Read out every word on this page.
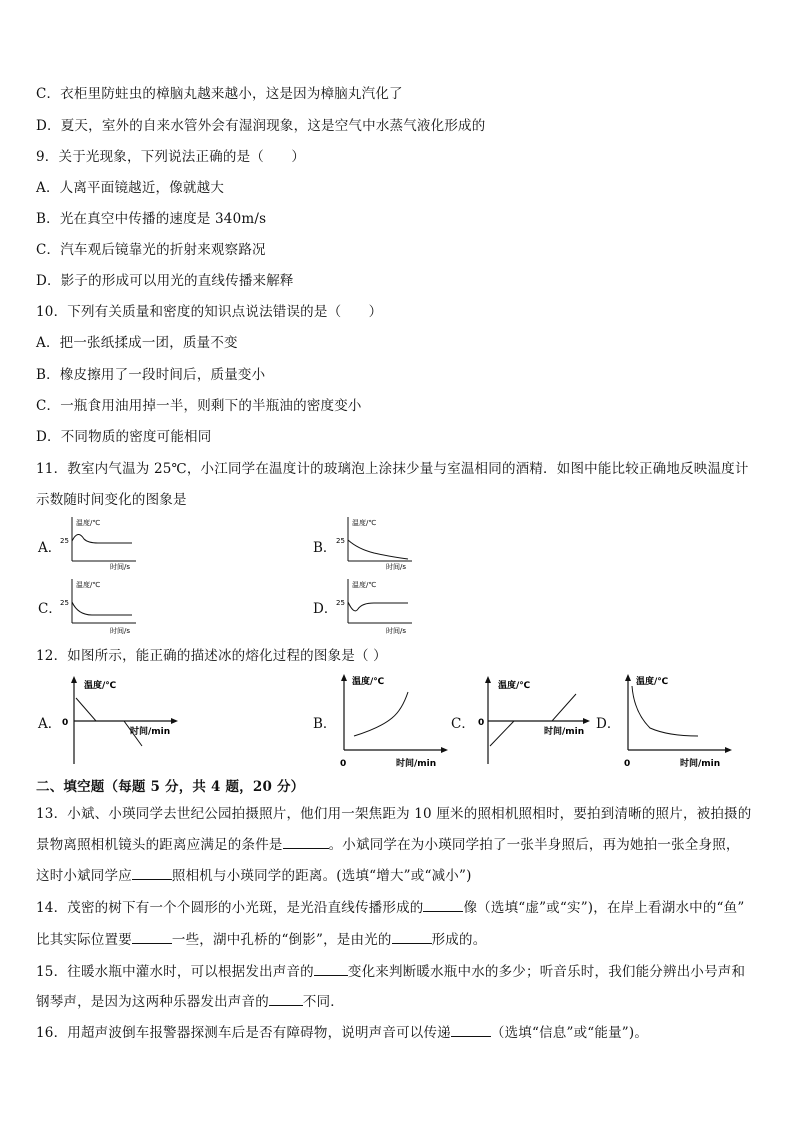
C．衣柜里防蛀虫的樟脑丸越来越小，这是因为樟脑丸汽化了
D．夏天，室外的自来水管外会有湿润现象，这是空气中水蒸气液化形成的
9．关于光现象，下列说法正确的是（　　）
A．人离平面镜越近，像就越大
B．光在真空中传播的速度是 340m/s
C．汽车观后镜靠光的折射来观察路况
D．影子的形成可以用光的直线传播来解释
10．下列有关质量和密度的知识点说法错误的是（　　）
A．把一张纸揉成一团，质量不变
B．橡皮擦用了一段时间后，质量变小
C．一瓶食用油用掉一半，则剩下的半瓶油的密度变小
D．不同物质的密度可能相同
11．教室内气温为 25℃，小江同学在温度计的玻璃泡上涂抹少量与室温相同的酒精．如图中能比较正确地反映温度计
示数随时间变化的图象是
A．	B．
C．	D．
温度/℃
25
时间/s
温度/℃
25
时间/s
温度/℃
25
时间/s
温度/℃
25
时间/s
12．如图所示，能正确的描述冰的熔化过程的图象是（ ）
A．	B．	C．	D．
温度/℃
0
时间/min
温度/℃
0	时间/min
温度/℃
0
时间/min
温度/℃
0	时间/min
二、填空题（每题 5 分，共 4 题，20 分）
13．小斌、小瑛同学去世纪公园拍摄照片，他们用一架焦距为 10 厘米的照相机照相时，要拍到清晰的照片，被拍摄的
景物离照相机镜头的距离应满足的条件是	。小斌同学在为小瑛同学拍了一张半身照后，再为她拍一张全身照，
这时小斌同学应	照相机与小瑛同学的距离。(选填“增大”或“减小”)
14．茂密的树下有一个个圆形的小光斑，是光沿直线传播形成的	像（选填“虚”或“实”)，在岸上看湖水中的“鱼”
比其实际位置要	一些，湖中孔桥的“倒影”，是由光的	形成的。
15．往暖水瓶中灌水时，可以根据发出声音的	变化来判断暖水瓶中水的多少；听音乐时，我们能分辨出小号声和
钢琴声，是因为这两种乐器发出声音的	不同．
16．用超声波倒车报警器探测车后是否有障碍物，说明声音可以传递	（选填“信息”或“能量”)。
